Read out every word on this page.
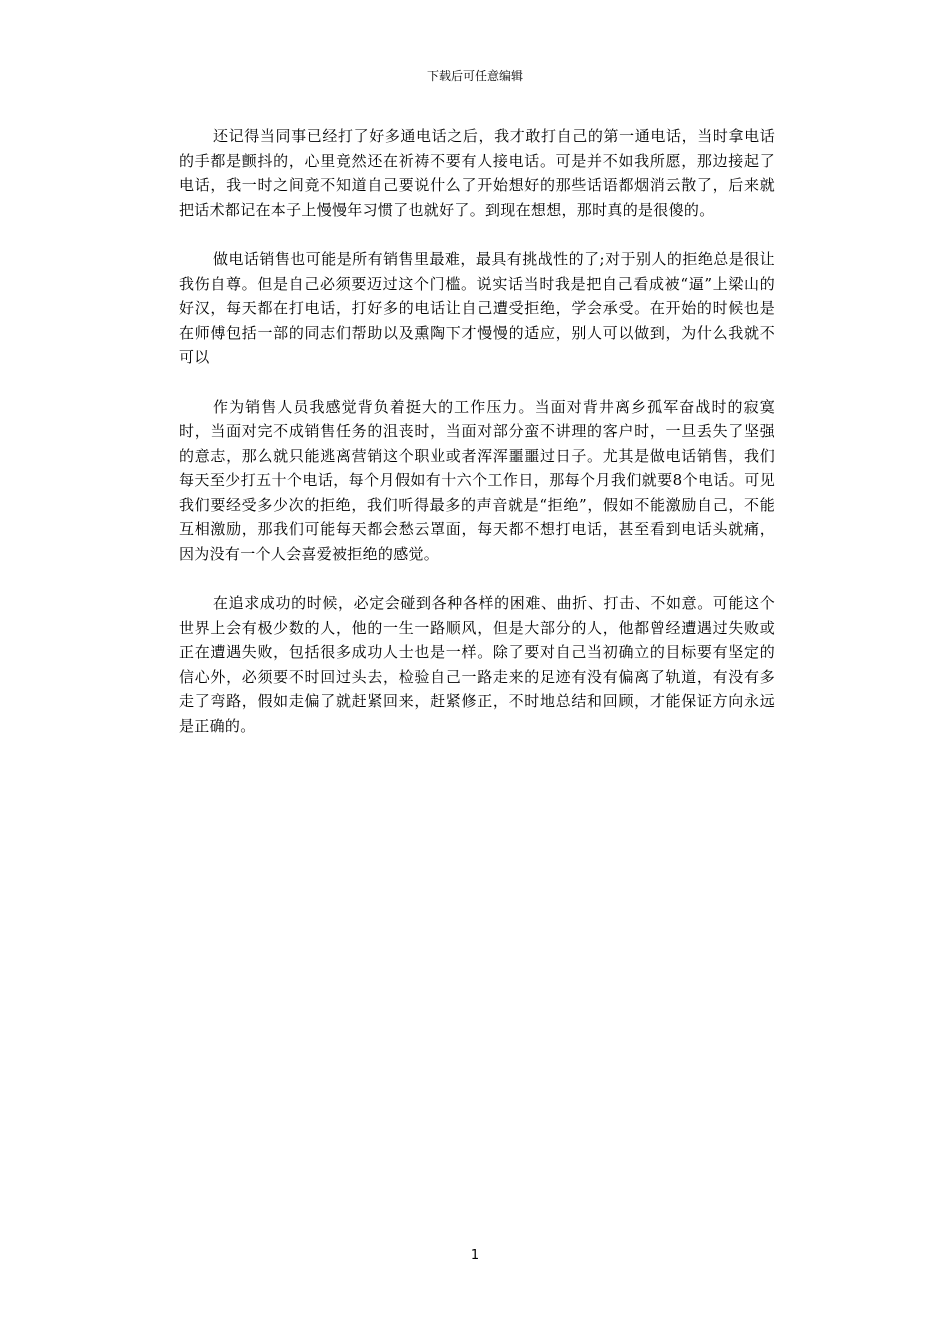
下载后可任意编辑

还记得当同事已经打了好多通电话之后，我才敢打自己的第一通电话，当时拿电话的手都是颤抖的，心里竟然还在祈祷不要有人接电话。可是并不如我所愿，那边接起了电话，我一时之间竟不知道自己要说什么了开始想好的那些话语都烟消云散了，后来就把话术都记在本子上慢慢年习惯了也就好了。到现在想想，那时真的是很傻的。

做电话销售也可能是所有销售里最难，最具有挑战性的了;对于别人的拒绝总是很让我伤自尊。但是自己必须要迈过这个门槛。说实话当时我是把自己看成被“逼”上梁山的好汉，每天都在打电话，打好多的电话让自己遭受拒绝，学会承受。在开始的时候也是在师傅包括一部的同志们帮助以及熏陶下才慢慢的适应，别人可以做到，为什么我就不可以

作为销售人员我感觉背负着挺大的工作压力。当面对背井离乡孤军奋战时的寂寞时，当面对完不成销售任务的沮丧时，当面对部分蛮不讲理的客户时，一旦丢失了坚强的意志，那么就只能逃离营销这个职业或者浑浑噩噩过日子。尤其是做电话销售，我们每天至少打五十个电话，每个月假如有十六个工作日，那每个月我们就要8个电话。可见我们要经受多少次的拒绝，我们听得最多的声音就是“拒绝”，假如不能激励自己，不能互相激励，那我们可能每天都会愁云罩面，每天都不想打电话，甚至看到电话头就痛，因为没有一个人会喜爱被拒绝的感觉。

在追求成功的时候，必定会碰到各种各样的困难、曲折、打击、不如意。可能这个世界上会有极少数的人，他的一生一路顺风，但是大部分的人，他都曾经遭遇过失败或正在遭遇失败，包括很多成功人士也是一样。除了要对自己当初确立的目标要有坚定的信心外，必须要不时回过头去，检验自己一路走来的足迹有没有偏离了轨道，有没有多走了弯路，假如走偏了就赶紧回来，赶紧修正，不时地总结和回顾，才能保证方向永远是正确的。

1
